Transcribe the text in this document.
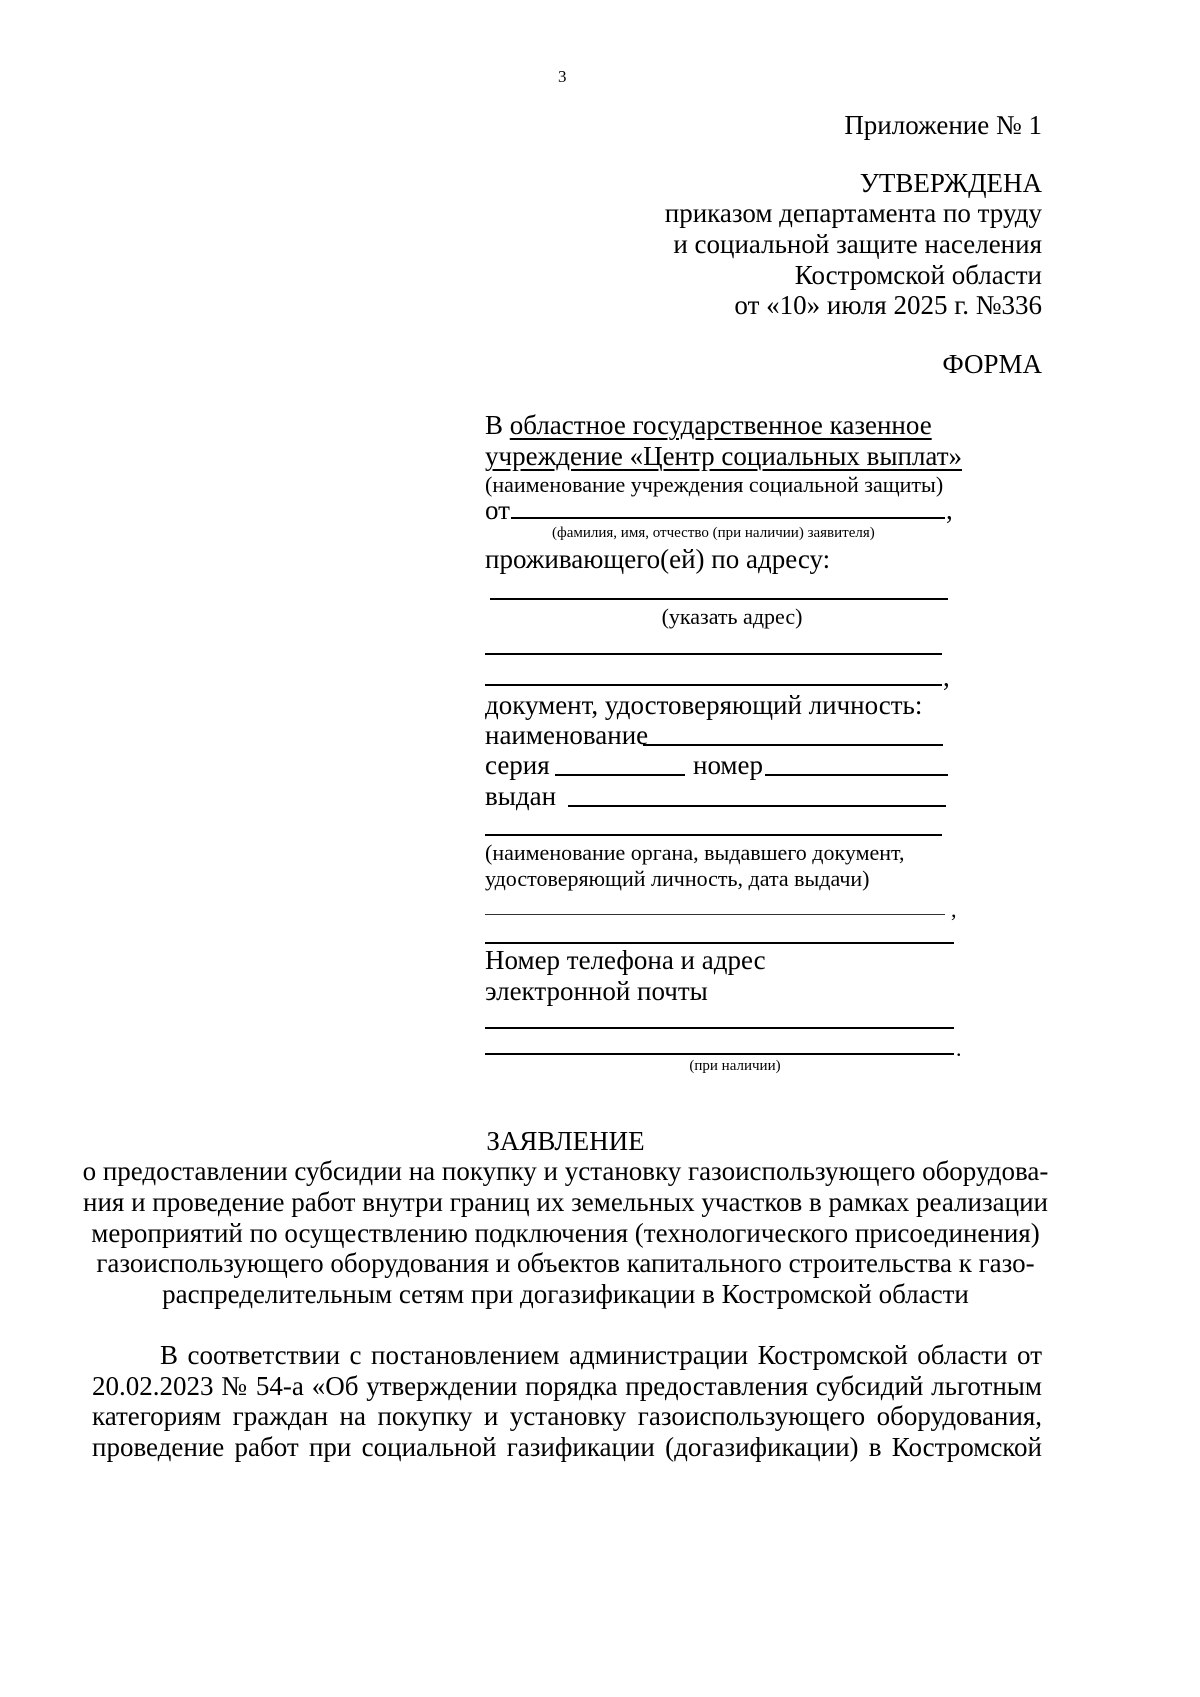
3
Приложение № 1
УТВЕРЖДЕНА
приказом департамента по труду
и социальной защите населения
Костромской области
от «10» июля 2025 г. №336
ФОРМА
В областное государственное казенное
учреждение «Центр социальных выплат»
(наименование учреждения социальной защиты)
от	,
(фамилия, имя, отчество (при наличии) заявителя)
проживающего(ей) по адресу:
(указать адрес)
,
документ, удостоверяющий личность:
наименование
серия	номер
выдан
(наименование органа, выдавшего документ,
удостоверяющий личность, дата выдачи)
,
Номер телефона и адрес
электронной почты
.
(при наличии)
ЗАЯВЛЕНИЕ
о предоставлении субсидии на покупку и установку газоиспользующего оборудова-
ния и проведение работ внутри границ их земельных участков в рамках реализации
мероприятий по осуществлению подключения (технологического присоединения)
газоиспользующего оборудования и объектов капитального строительства к газо-
распределительным сетям при догазификации в Костромской области
В соответствии с постановлением администрации Костромской области от
20.02.2023 № 54-а «Об утверждении порядка предоставления субсидий льготным
категориям граждан на покупку и установку газоиспользующего оборудования,
проведение работ при социальной газификации (догазификации) в Костромской
